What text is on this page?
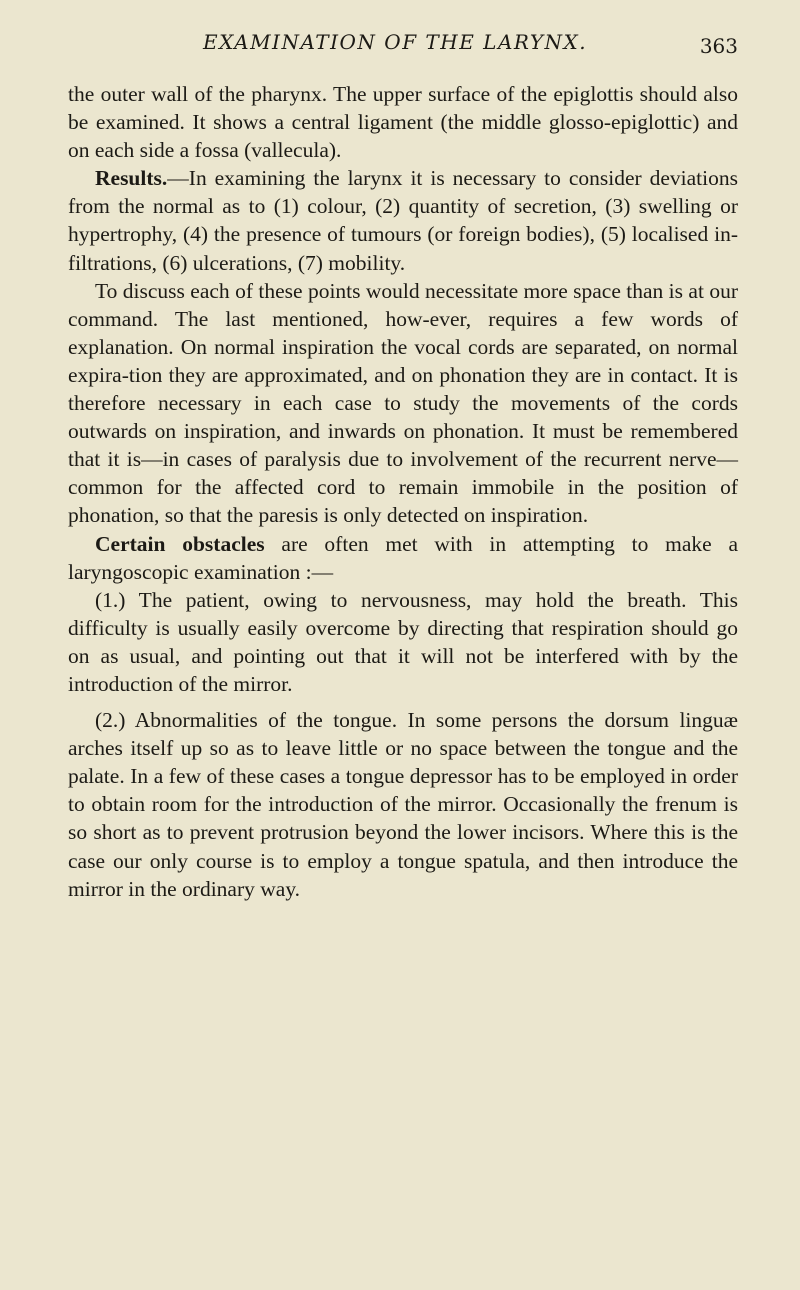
EXAMINATION OF THE LARYNX.	363

the outer wall of the pharynx. The upper surface of the epiglottis should also be examined. It shows a central ligament (the middle glosso-epiglottic) and on each side a fossa (vallecula).

Results.—In examining the larynx it is necessary to consider deviations from the normal as to (1) colour, (2) quantity of secretion, (3) swelling or hypertrophy, (4) the presence of tumours (or foreign bodies), (5) localised in-filtrations, (6) ulcerations, (7) mobility.

To discuss each of these points would necessitate more space than is at our command. The last mentioned, how-ever, requires a few words of explanation. On normal inspiration the vocal cords are separated, on normal expira-tion they are approximated, and on phonation they are in contact. It is therefore necessary in each case to study the movements of the cords outwards on inspiration, and inwards on phonation. It must be remembered that it is—in cases of paralysis due to involvement of the recurrent nerve—common for the affected cord to remain immobile in the position of phonation, so that the paresis is only detected on inspiration.

Certain obstacles are often met with in attempting to make a laryngoscopic examination :—

(1.) The patient, owing to nervousness, may hold the breath. This difficulty is usually easily overcome by directing that respiration should go on as usual, and pointing out that it will not be interfered with by the introduction of the mirror.

(2.) Abnormalities of the tongue. In some persons the dorsum linguæ arches itself up so as to leave little or no space between the tongue and the palate. In a few of these cases a tongue depressor has to be employed in order to obtain room for the introduction of the mirror. Occasionally the frenum is so short as to prevent protrusion beyond the lower incisors. Where this is the case our only course is to employ a tongue spatula, and then introduce the mirror in the ordinary way.
